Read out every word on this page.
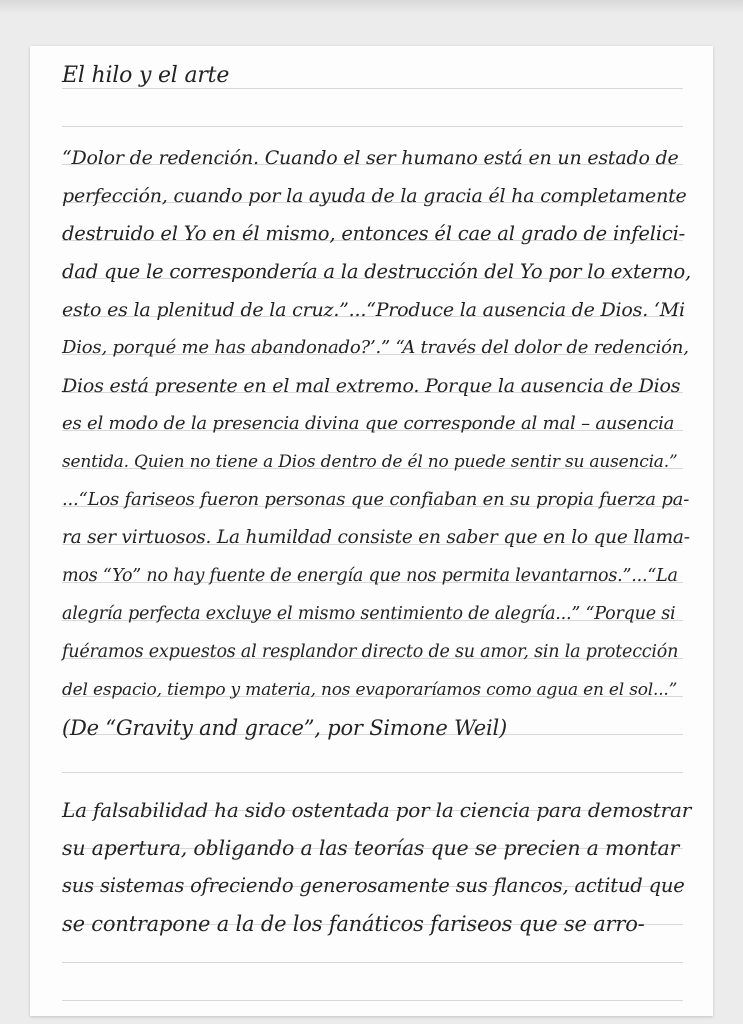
El hilo y el arte
“Dolor de redención. Cuando el ser humano está en un estado de
perfección, cuando por la ayuda de la gracia él ha completamente
destruido el Yo en él mismo, entonces él cae al grado de infelici-
dad que le correspondería a la destrucción del Yo por lo externo,
esto es la plenitud de la cruz.”...“Produce la ausencia de Dios. ‘Mi
Dios, porqué me has abandonado?’.” “A través del dolor de redención,
Dios está presente en el mal extremo. Porque la ausencia de Dios
es el modo de la presencia divina que corresponde al mal – ausencia
sentida. Quien no tiene a Dios dentro de él no puede sentir su ausencia.”
...“Los fariseos fueron personas que confiaban en su propia fuerza pa-
ra ser virtuosos. La humildad consiste en saber que en lo que llama-
mos “Yo” no hay fuente de energía que nos permita levantarnos.”...“La
alegría perfecta excluye el mismo sentimiento de alegría...” “Porque si
fuéramos expuestos al resplandor directo de su amor, sin la protección
del espacio, tiempo y materia, nos evaporaríamos como agua en el sol...”
(De “Gravity and grace”, por Simone Weil)
La falsabilidad ha sido ostentada por la ciencia para demostrar
su apertura, obligando a las teorías que se precien a montar
sus sistemas ofreciendo generosamente sus flancos, actitud que
se contrapone a la de los fanáticos fariseos que se arro-
